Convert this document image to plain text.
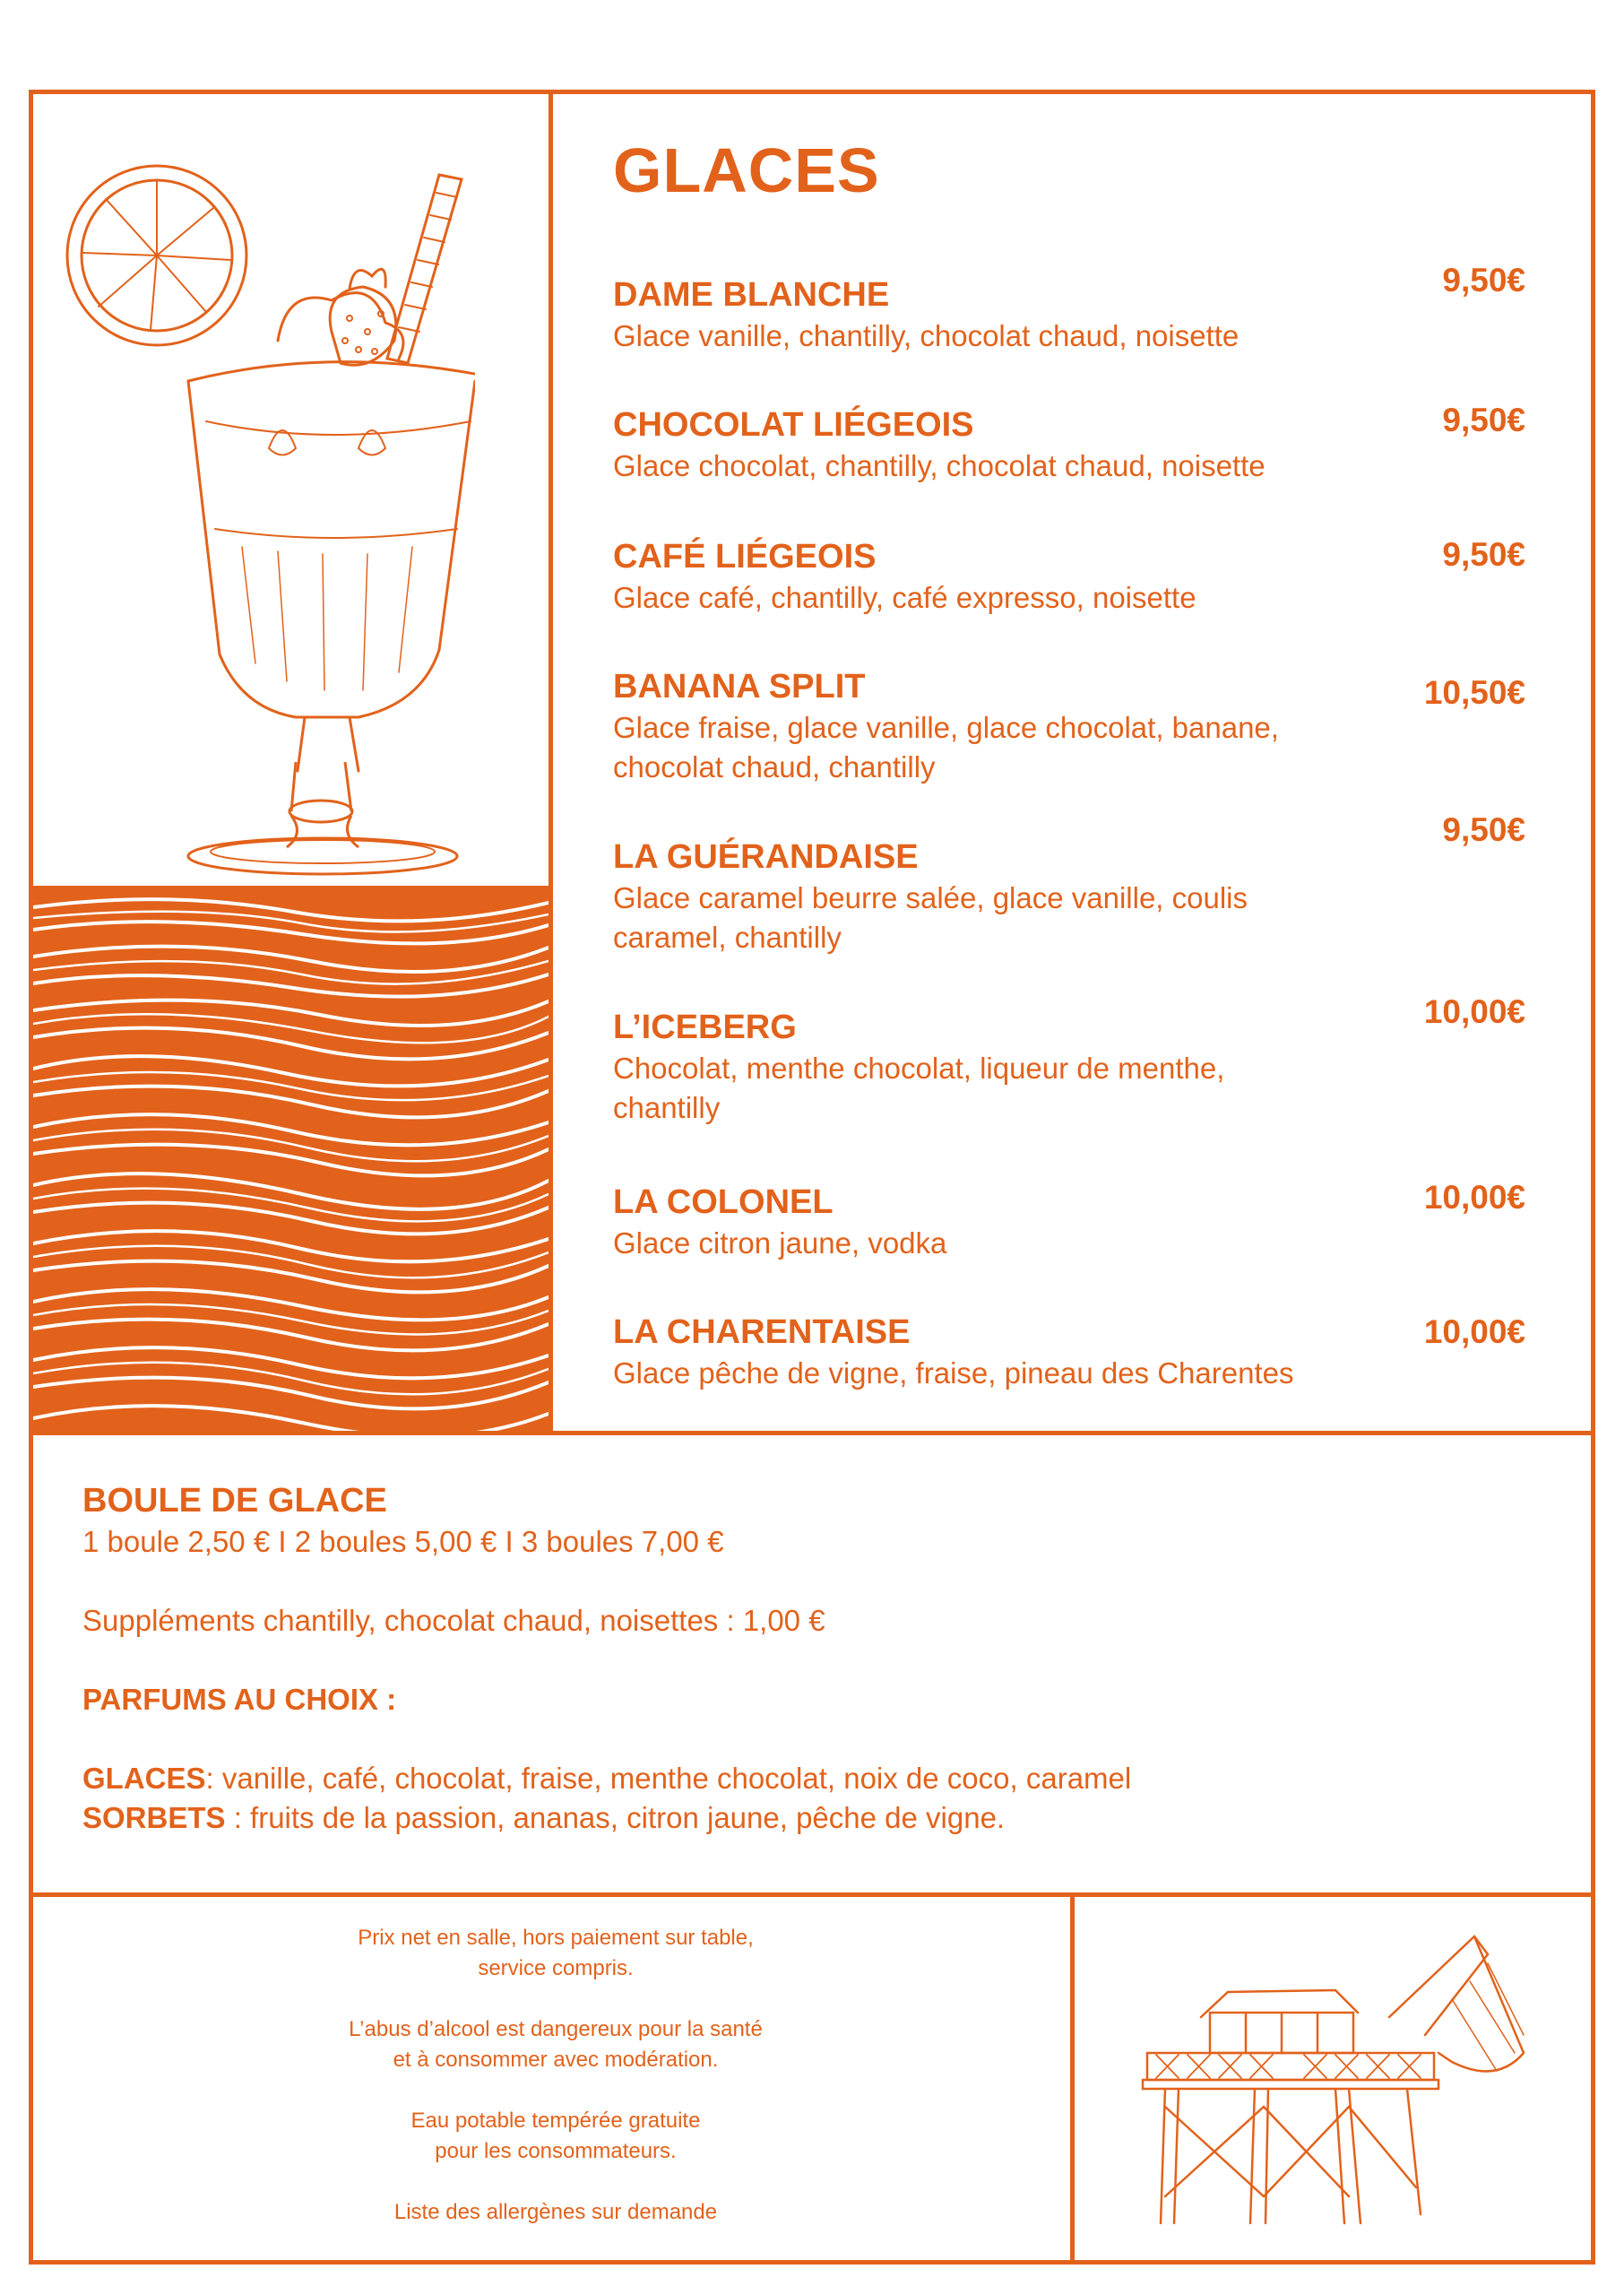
GLACES

DAME BLANCHE

Glace vanille, chantilly, chocolat chaud, noisette

9,50€

CHOCOLAT LIÉGEOIS

Glace chocolat, chantilly, chocolat chaud, noisette

9,50€

CAFÉ LIÉGEOIS

Glace café, chantilly, café expresso, noisette

9,50€

BANANA SPLIT

Glace fraise, glace vanille, glace chocolat, banane,

chocolat chaud, chantilly

10,50€

LA GUÉRANDAISE

Glace caramel beurre salée, glace vanille, coulis

caramel, chantilly

9,50€

L’ICEBERG

Chocolat, menthe chocolat, liqueur de menthe,

chantilly

10,00€

LA COLONEL

Glace citron jaune, vodka

10,00€

LA CHARENTAISE

Glace pêche de vigne, fraise, pineau des Charentes

10,00€

BOULE DE GLACE

1 boule 2,50 € I 2 boules 5,00 € I 3 boules 7,00 €

Suppléments chantilly, chocolat chaud, noisettes : 1,00 €

PARFUMS AU CHOIX :

GLACES: vanille, café, chocolat, fraise, menthe chocolat, noix de coco, caramel

SORBETS : fruits de la passion, ananas, citron jaune, pêche de vigne.

Prix net en salle, hors paiement sur table,

service compris.

L’abus d’alcool est dangereux pour la santé

et à consommer avec modération.

Eau potable tempérée gratuite

pour les consommateurs.

Liste des allergènes sur demande
